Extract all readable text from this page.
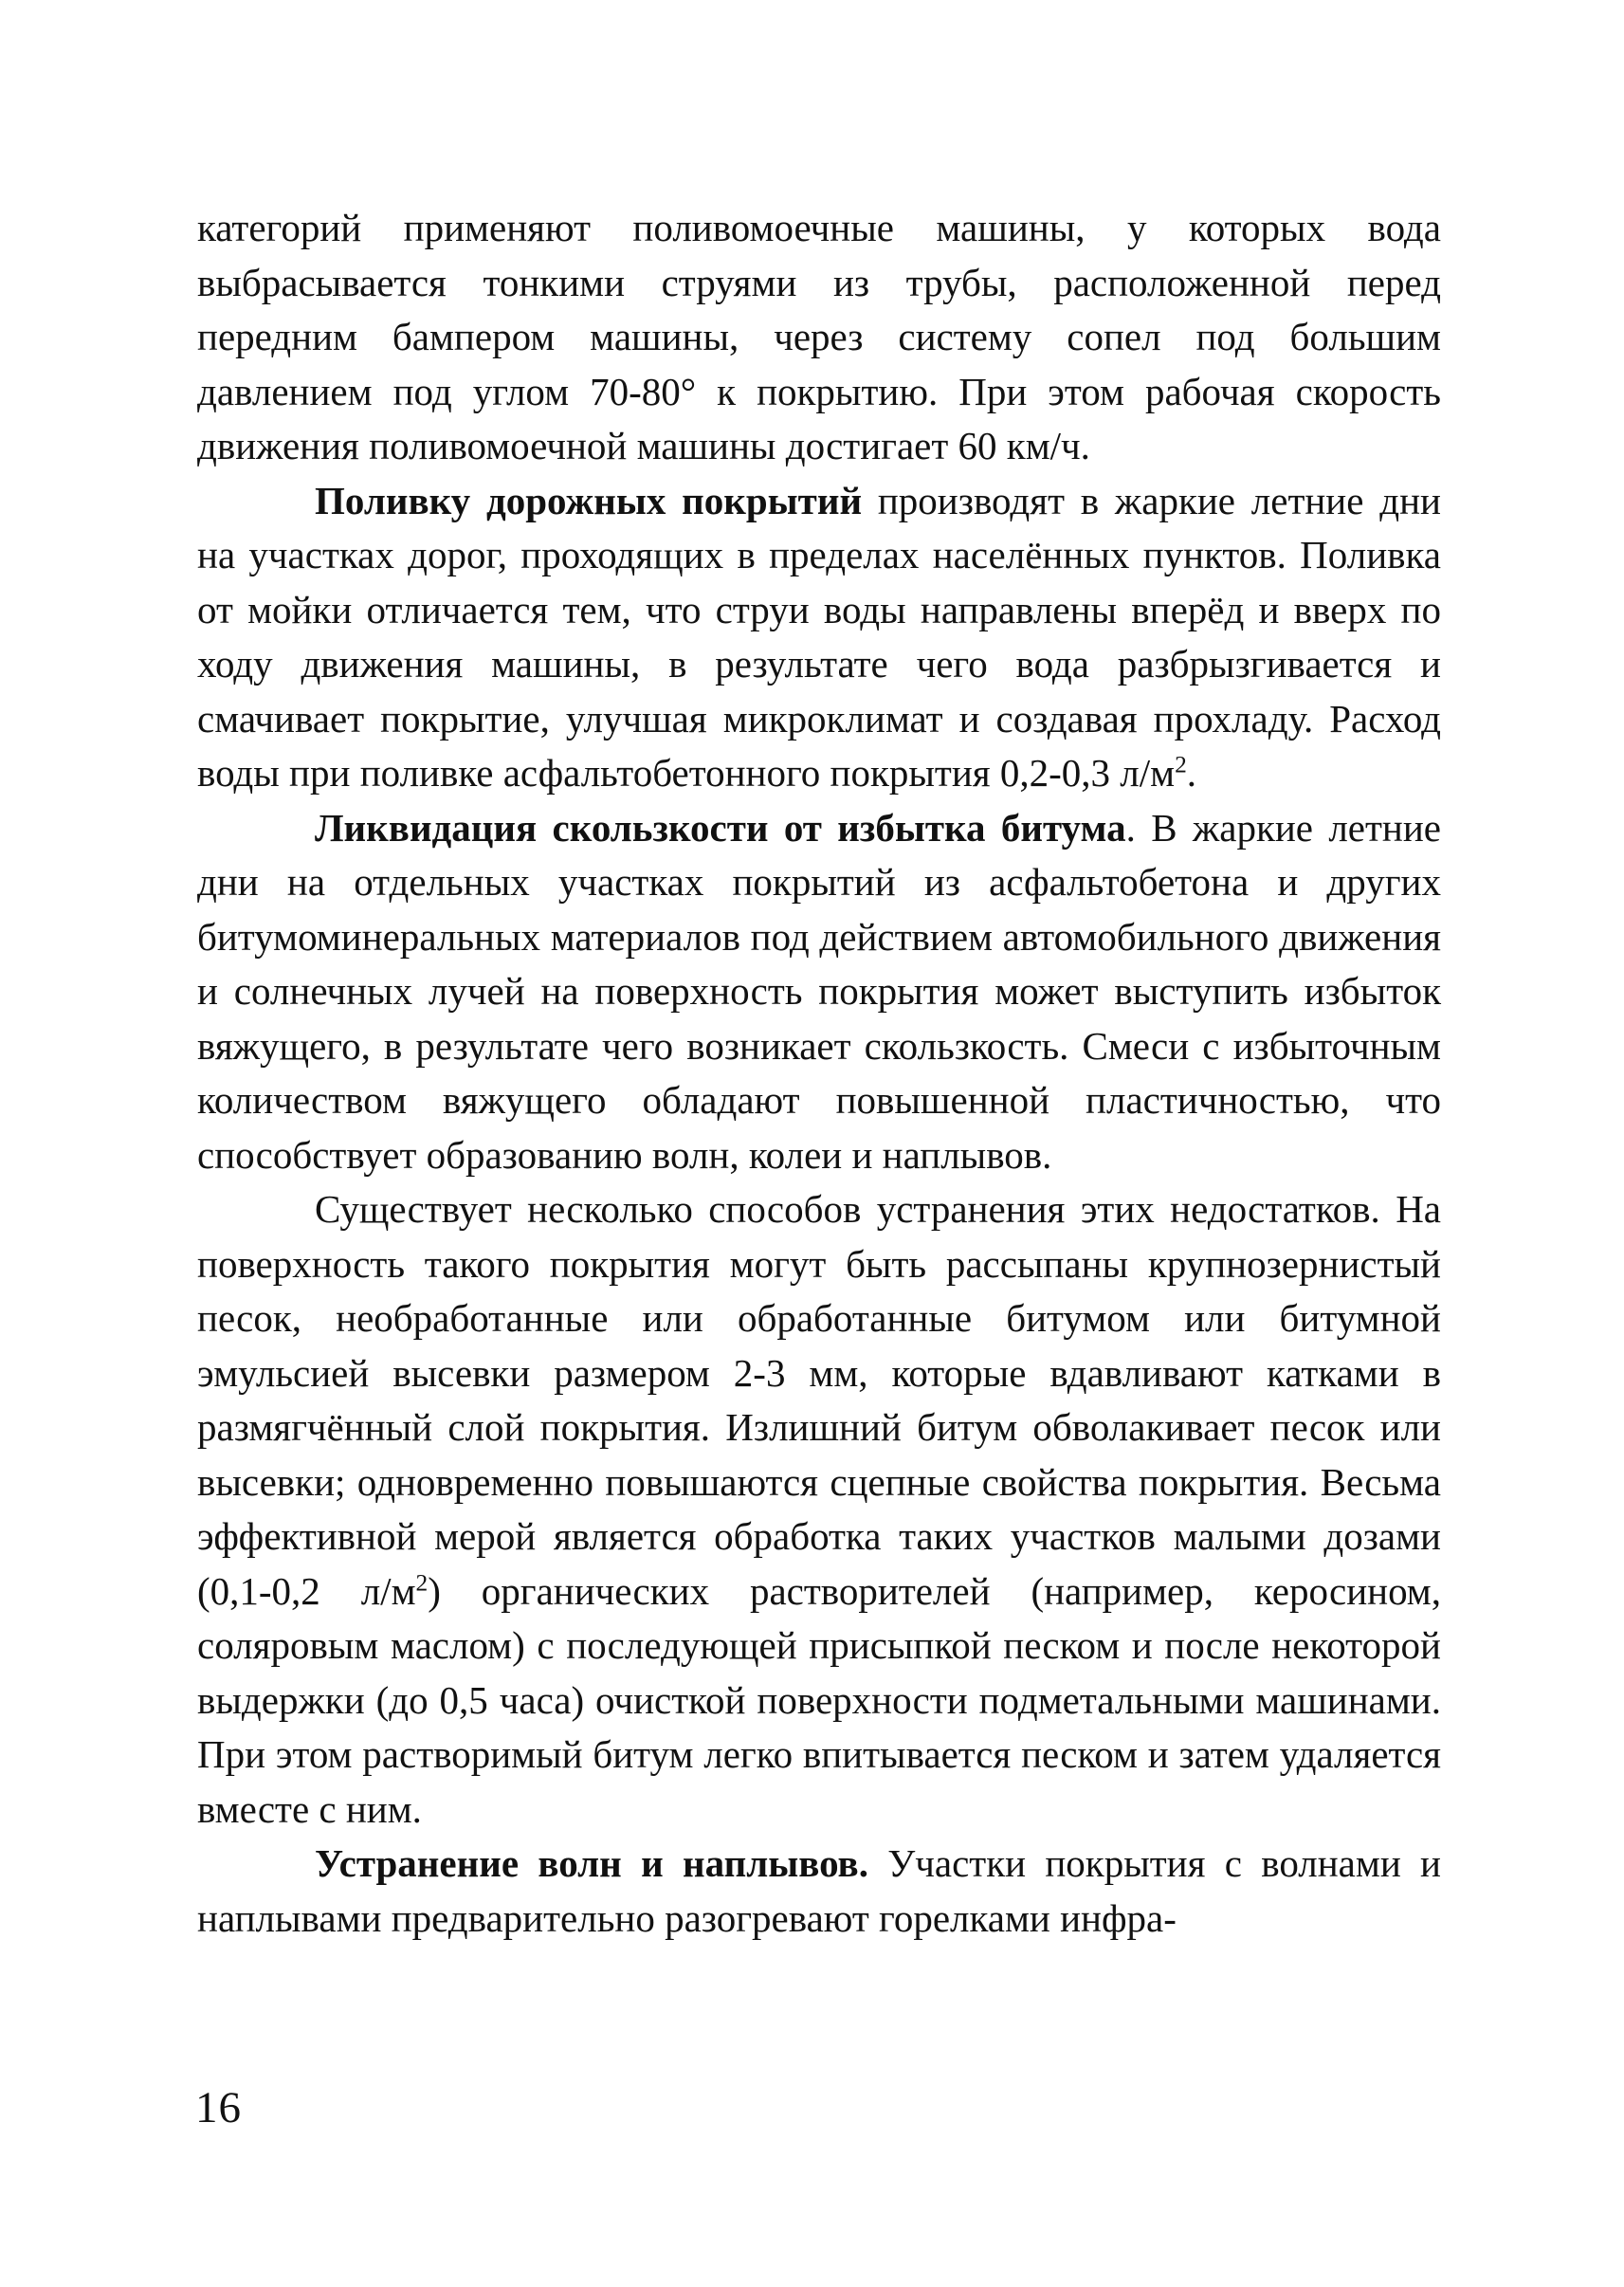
категорий применяют поливомоечные машины, у которых вода выбрасывается тонкими струями из трубы, расположенной перед передним бампером машины, через систему сопел под большим давлением под углом 70-80° к покрытию. При этом рабочая скорость движения поливомоечной машины достигает 60 км/ч.

Поливку дорожных покрытий производят в жаркие летние дни на участках дорог, проходящих в пределах населённых пунктов. Поливка от мойки отличается тем, что струи воды направлены вперёд и вверх по ходу движения машины, в результате чего вода разбрызгивается и смачивает покрытие, улучшая микроклимат и создавая прохладу. Расход воды при поливке асфальтобетонного покрытия 0,2-0,3 $л/м^2$.

Ликвидация скользкости от избытка битума. В жаркие летние дни на отдельных участках покрытий из асфальтобетона и других битумоминеральных материалов под действием автомобильного движения и солнечных лучей на поверхность покрытия может выступить избыток вяжущего, в результате чего возникает скользкость. Смеси с избыточным количеством вяжущего обладают повышенной пластичностью, что способствует образованию волн, колеи и наплывов.

Существует несколько способов устранения этих недостатков. На поверхность такого покрытия могут быть рассыпаны крупнозернистый песок, необработанные или обработанные битумом или битумной эмульсией высевки размером 2-3 мм, которые вдавливают катками в размягчённый слой покрытия. Излишний битум обволакивает песок или высевки; одновременно повышаются сцепные свойства покрытия. Весьма эффективной мерой является обработка таких участков малыми дозами (0,1-0,2 $л/м^2$) органических растворителей (например, керосином, соляровым маслом) с последующей присыпкой песком и после некоторой выдержки (до 0,5 часа) очисткой поверхности подметальными машинами. При этом растворимый битум легко впитывается песком и затем удаляется вместе с ним.

Устранение волн и наплывов. Участки покрытия с волнами и наплывами предварительно разогревают горелками инфра-

16
